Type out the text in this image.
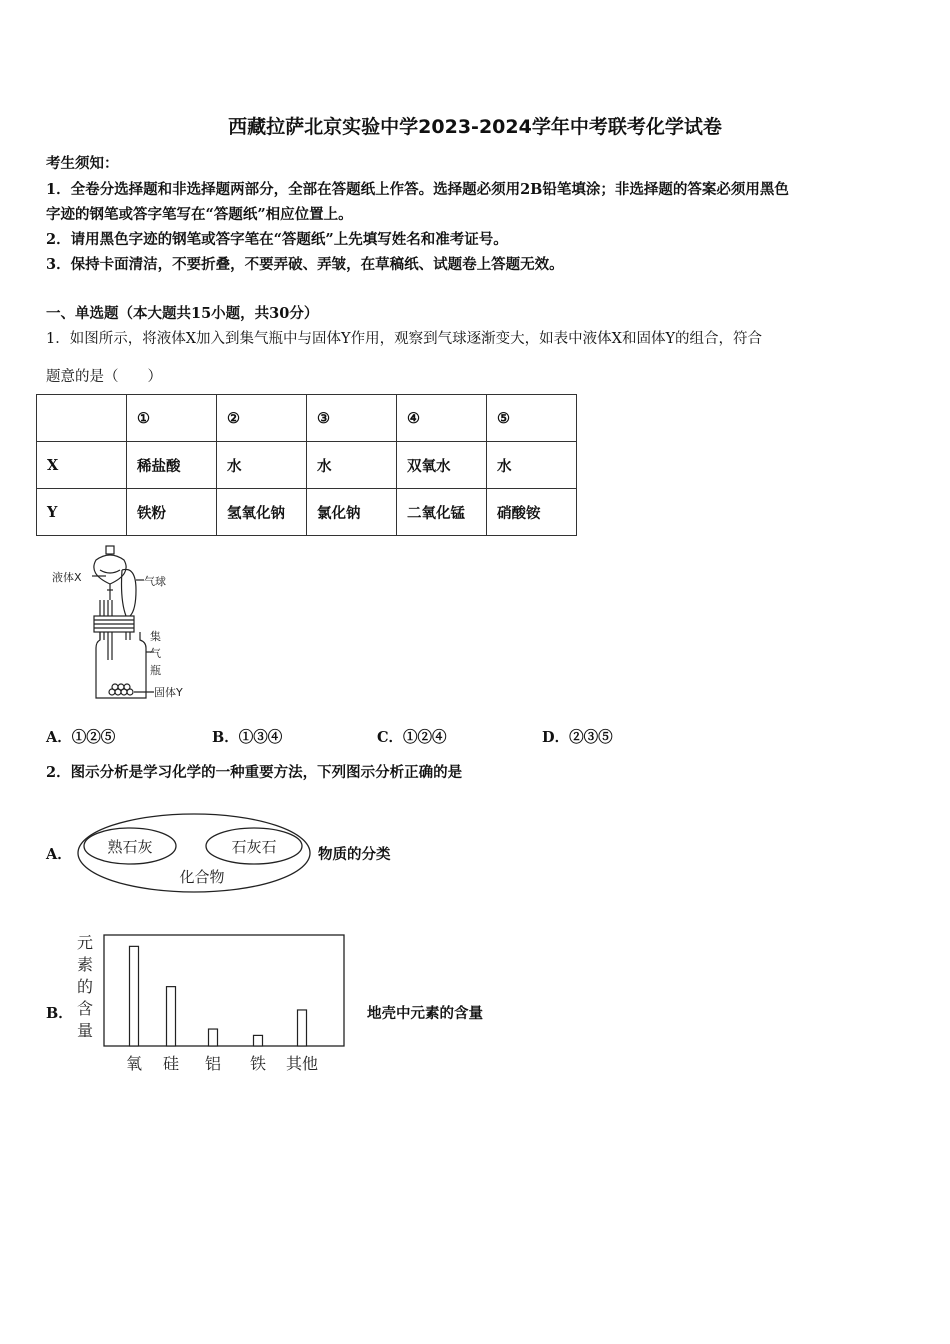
西藏拉萨北京实验中学2023-2024学年中考联考化学试卷
考生须知：
1．全卷分选择题和非选择题两部分，全部在答题纸上作答。选择题必须用2B铅笔填涂；非选择题的答案必须用黑色
字迹的钢笔或答字笔写在“答题纸”相应位置上。
2．请用黑色字迹的钢笔或答字笔在“答题纸”上先填写姓名和准考证号。
3．保持卡面清洁，不要折叠，不要弄破、弄皱，在草稿纸、试题卷上答题无效。
一、单选题（本大题共15小题，共30分）
1．如图所示，将液体X加入到集气瓶中与固体Y作用，观察到气球逐渐变大，如表中液体X和固体Y的组合，符合
题意的是（　　）
	①	②	③	④	⑤
X	稀盐酸	水	水	双氧水	水
Y	铁粉	氢氧化钠	氯化钠	二氧化锰	硝酸铵
液体X	气球
集
气
瓶
固体Y
A．①②⑤	B．①③④	C．①②④	D．②③⑤
2．图示分析是学习化学的一种重要方法，下列图示分析正确的是
A． 熟石灰	石灰石
化合物
物质的分类
B．
元
素
的
含
量
氧 硅 铝 铁 其他
地壳中元素的含量
